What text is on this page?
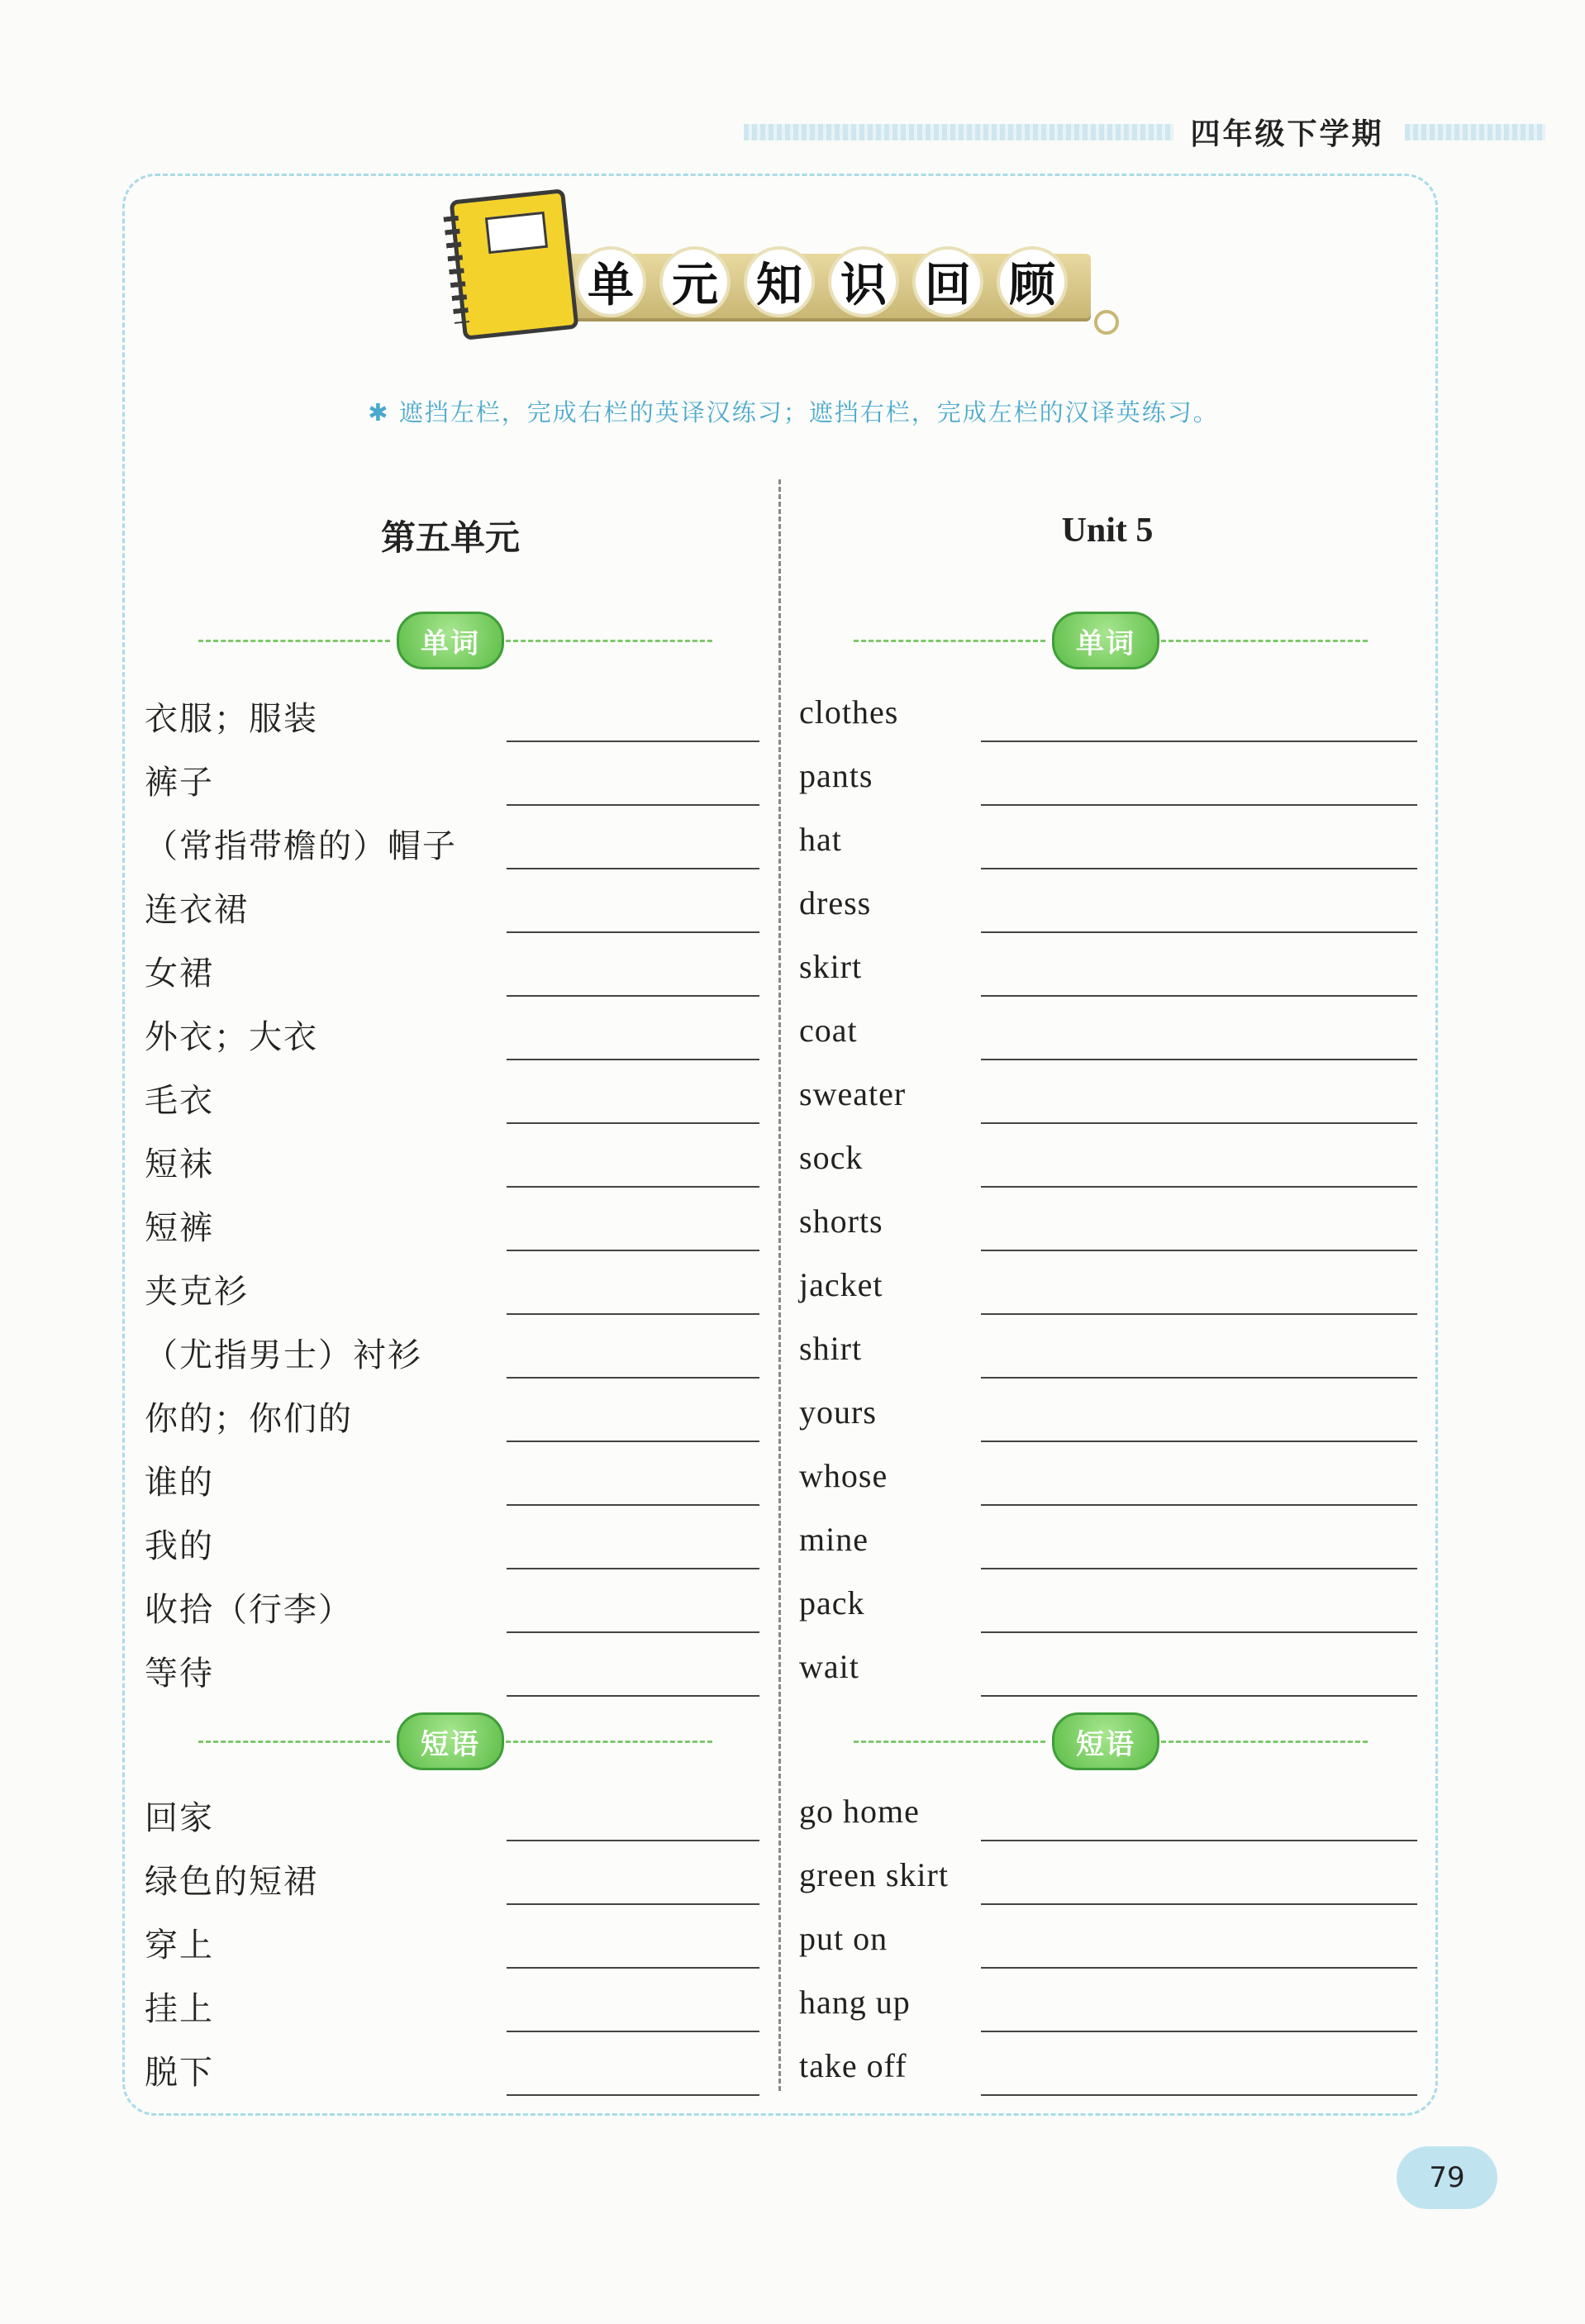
四年级下学期
单 元 知 识 回 顾
✱ 遮挡左栏，完成右栏的英译汉练习；遮挡右栏，完成左栏的汉译英练习。
第五单元	Unit 5
单词
衣服；服装
裤子
（常指带檐的）帽子
连衣裙
女裙
外衣；大衣
毛衣
短袜
短裤
夹克衫
（尤指男士）衬衫
你的；你们的
谁的
我的
收拾（行李）
等待
短语
回家
绿色的短裙
穿上
挂上
脱下
单词
clothes
pants
hat
dress
skirt
coat
sweater
sock
shorts
jacket
shirt
yours
whose
mine
pack
wait
短语
go home
green skirt
put on
hang up
take off
79
